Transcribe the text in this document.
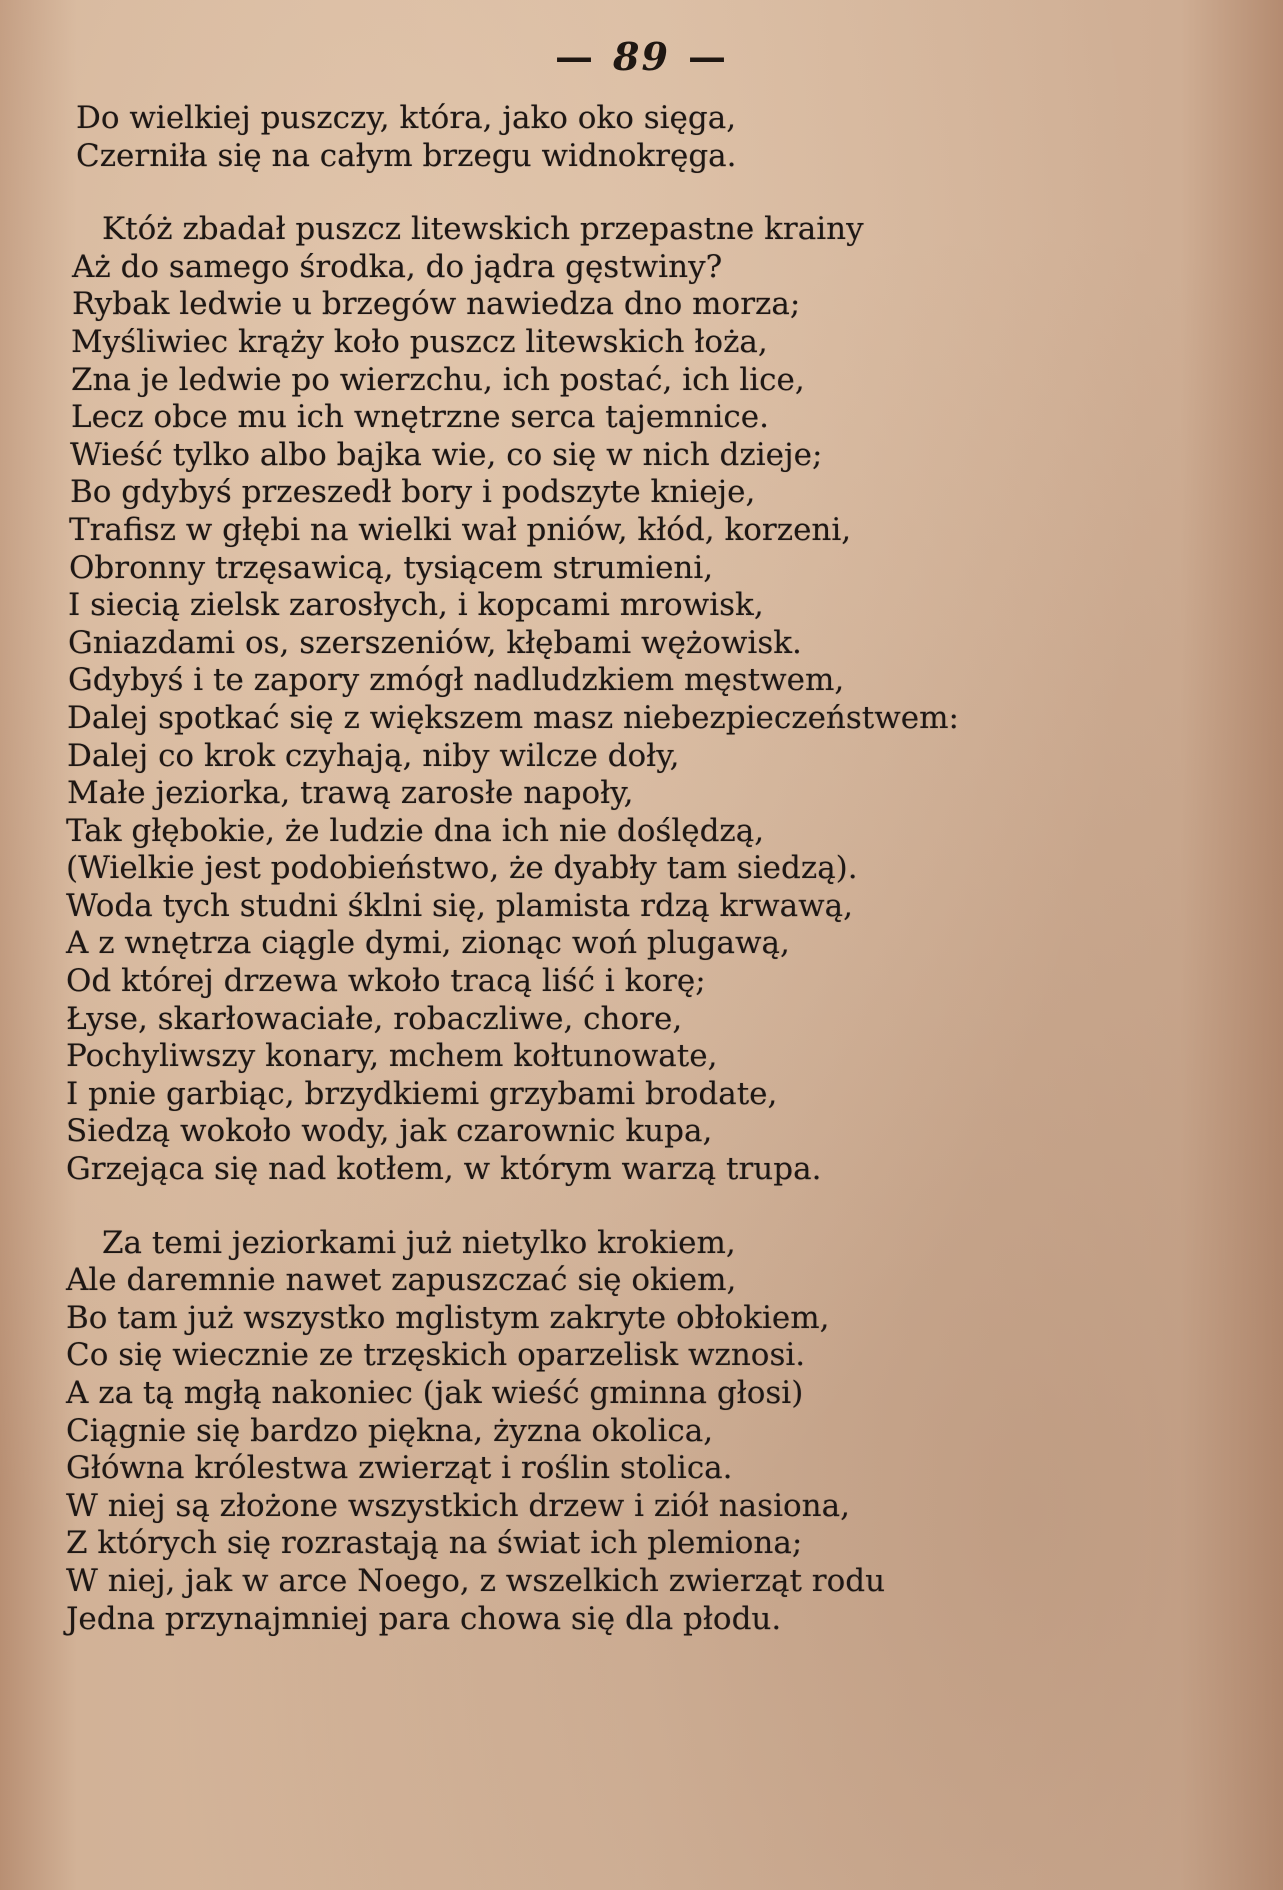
— 89 —
Do wielkiej puszczy, która, jako oko sięga,
Czerniła się na całym brzegu widnokręga.
Któż zbadał puszcz litewskich przepastne krainy
Aż do samego środka, do jądra gęstwiny?
Rybak ledwie u brzegów nawiedza dno morza;
Myśliwiec krąży koło puszcz litewskich łoża,
Zna je ledwie po wierzchu, ich postać, ich lice,
Lecz obce mu ich wnętrzne serca tajemnice.
Wieść tylko albo bajka wie, co się w nich dzieje;
Bo gdybyś przeszedł bory i podszyte knieje,
Trafisz w głębi na wielki wał pniów, kłód, korzeni,
Obronny trzęsawicą, tysiącem strumieni,
I siecią zielsk zarosłych, i kopcami mrowisk,
Gniazdami os, szerszeniów, kłębami wężowisk.
Gdybyś i te zapory zmógł nadludzkiem męstwem,
Dalej spotkać się z większem masz niebezpieczeństwem:
Dalej co krok czyhają, niby wilcze doły,
Małe jeziorka, trawą zarosłe napoły,
Tak głębokie, że ludzie dna ich nie doślędzą,
(Wielkie jest podobieństwo, że dyabły tam siedzą).
Woda tych studni śklni się, plamista rdzą krwawą,
A z wnętrza ciągle dymi, zionąc woń plugawą,
Od której drzewa wkoło tracą liść i korę;
Łyse, skarłowaciałe, robaczliwe, chore,
Pochyliwszy konary, mchem kołtunowate,
I pnie garbiąc, brzydkiemi grzybami brodate,
Siedzą wokoło wody, jak czarownic kupa,
Grzejąca się nad kotłem, w którym warzą trupa.
Za temi jeziorkami już nietylko krokiem,
Ale daremnie nawet zapuszczać się okiem,
Bo tam już wszystko mglistym zakryte obłokiem,
Co się wiecznie ze trzęskich oparzelisk wznosi.
A za tą mgłą nakoniec (jak wieść gminna głosi)
Ciągnie się bardzo piękna, żyzna okolica,
Główna królestwa zwierząt i roślin stolica.
W niej są złożone wszystkich drzew i ziół nasiona,
Z których się rozrastają na świat ich plemiona;
W niej, jak w arce Noego, z wszelkich zwierząt rodu
Jedna przynajmniej para chowa się dla płodu.
